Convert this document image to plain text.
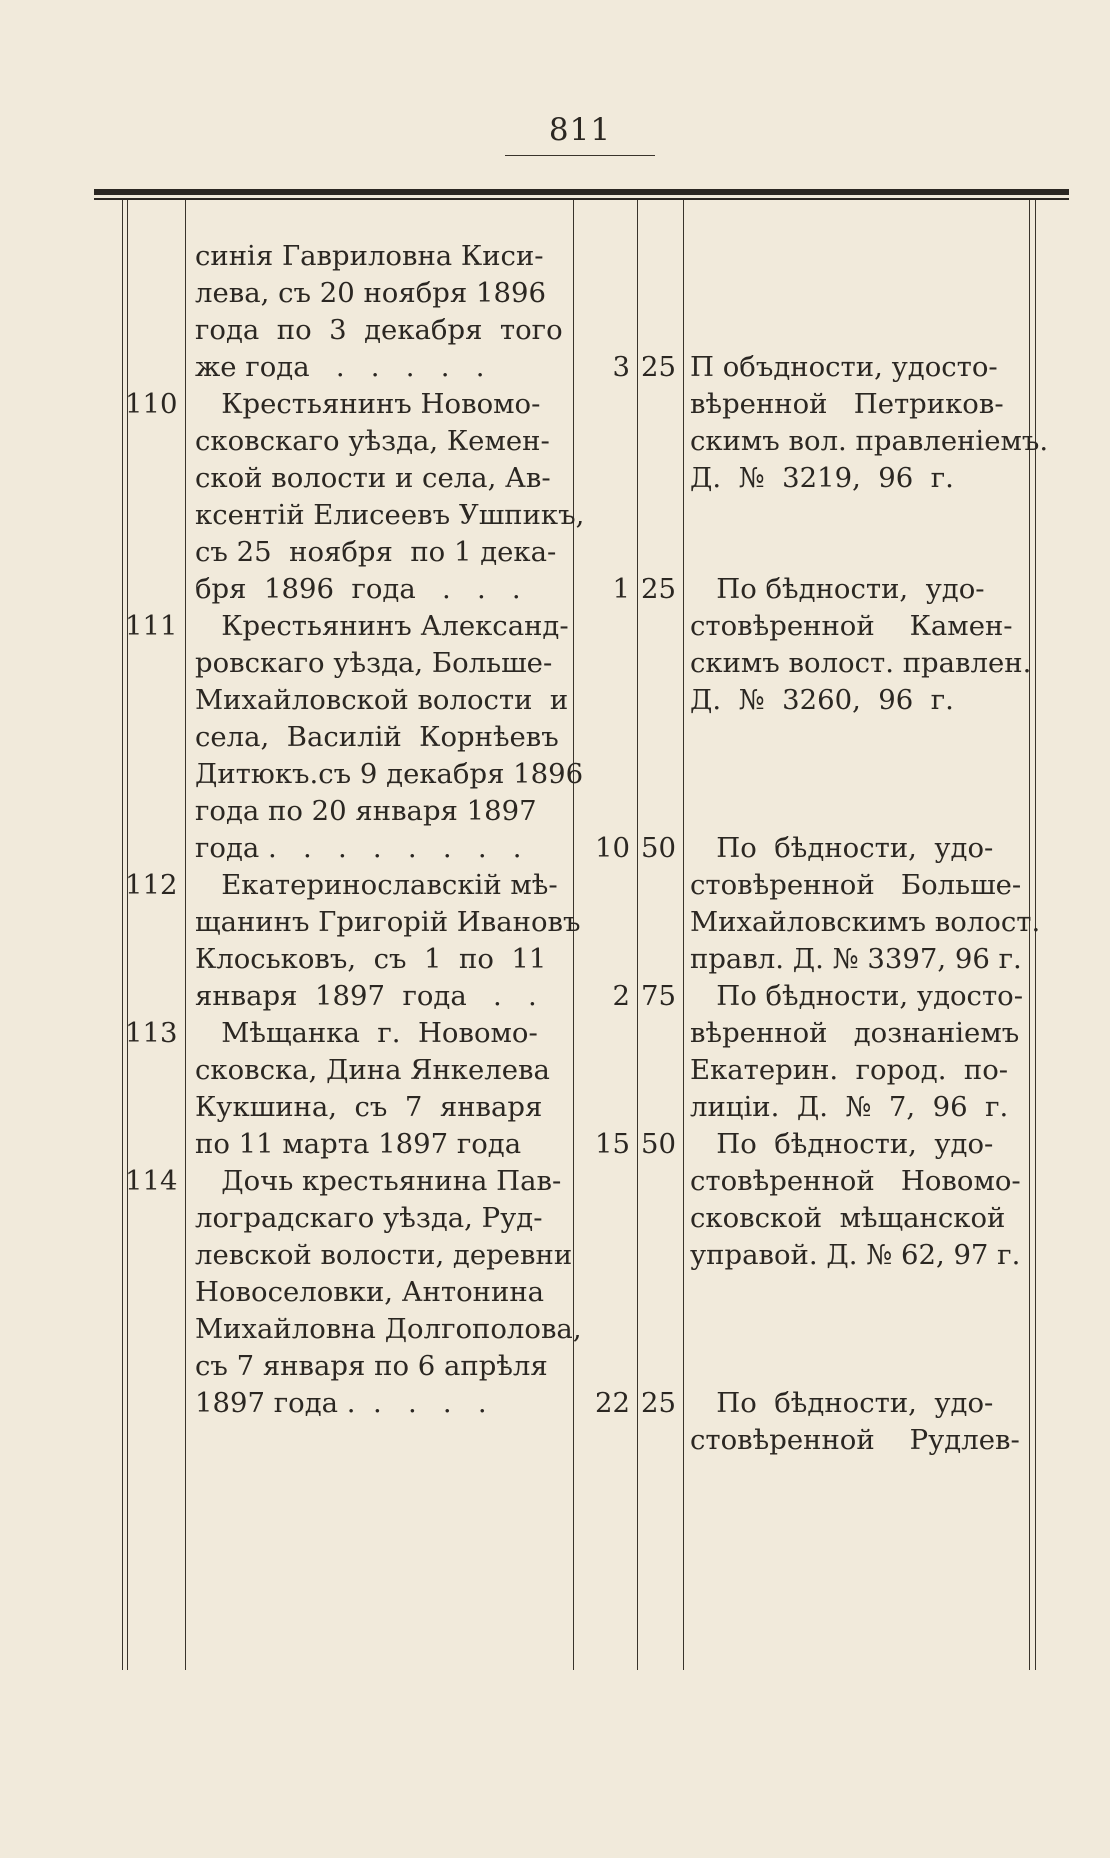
811
синія Гавриловна Киси-
лева, съ 20 ноября 1896
года  по  3  декабря  того
же года   .   .   .   .   .	3 25 П объдности, удосто-
вѣренной   Петриков-
скимъ вол. правленіемъ.
Д.  №  3219,  96  г.
110 Крестьянинъ Новомо-
сковскаго уѣзда, Кемен-
ской волости и села, Ав-
ксентій Елисеевъ Ушпикъ,
съ 25  ноября  по 1 дека-
бря  1896  года   .   .   .	1 25 По бѣдности,  удо-
стовѣренной    Камен-
скимъ волост. правлен.
Д.  №  3260,  96  г.
111 Крестьянинъ Александ-
ровскаго уѣзда, Больше-
Михайловской волости  и
села,  Василій  Корнѣевъ
Дитюкъ.съ 9 декабря 1896
года по 20 января 1897
года .   .   .   .   .   .   .   .	10 50 По  бѣдности,  удо-
стовѣренной   Больше-
Михайловскимъ волост.
правл. Д. № 3397, 96 г.
112 Екатеринославскій мѣ-
щанинъ Григорій Ивановъ
Клоськовъ,  съ  1  по  11
января  1897  года   .   .	2 75 По бѣдности, удосто-
вѣренной   дознаніемъ
Екатерин.  город.  по-
лиціи.  Д.  №  7,  96  г.
113 Мѣщанка  г.  Новомо-
сковска, Дина Янкелева
Кукшина,  съ  7  января
по 11 марта 1897 года	15 50 По  бѣдности,  удо-
стовѣренной   Новомо-
сковской  мѣщанской
управой. Д. № 62, 97 г.
114 Дочь крестьянина Пав-
лоградскаго уѣзда, Руд-
левской волости, деревни
Новоселовки, Антонина
Михайловна Долгополова,
съ 7 января по 6 апрѣля
1897 года .  .   .   .   .	22 25 По  бѣдности,  удо-
стовѣренной    Рудлев-
